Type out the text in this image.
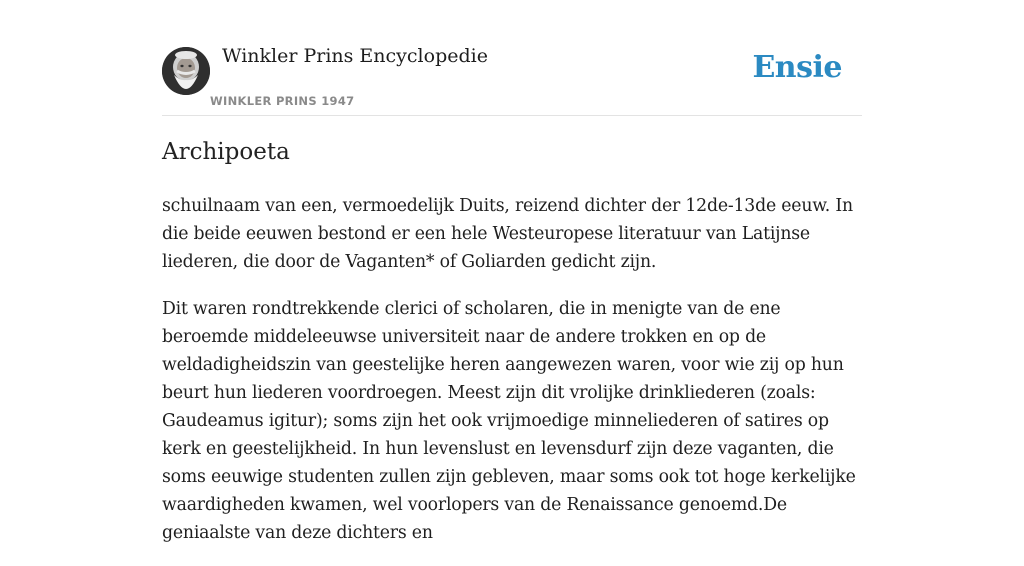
Winkler Prins Encyclopedie
WINKLER PRINS 1947
Ensie
Archipoeta

schuilnaam van een, vermoedelijk Duits, reizend dichter der 12de-13de eeuw. In die beide eeuwen bestond er een hele Westeuropese literatuur van Latijnse liederen, die door de Vaganten* of Goliarden gedicht zijn.

Dit waren rondtrekkende clerici of scholaren, die in menigte van de ene beroemde middeleeuwse universiteit naar de andere trokken en op de weldadigheidszin van geestelijke heren aangewezen waren, voor wie zij op hun beurt hun liederen voordroegen. Meest zijn dit vrolijke drinkliederen (zoals: Gaudeamus igitur); soms zijn het ook vrijmoedige minneliederen of satires op kerk en geestelijkheid. In hun levenslust en levensdurf zijn deze vaganten, die soms eeuwige studenten zullen zijn gebleven, maar soms ook tot hoge kerkelijke waardigheden kwamen, wel voorlopers van de Renaissance genoemd.De geniaalste van deze dichters en
